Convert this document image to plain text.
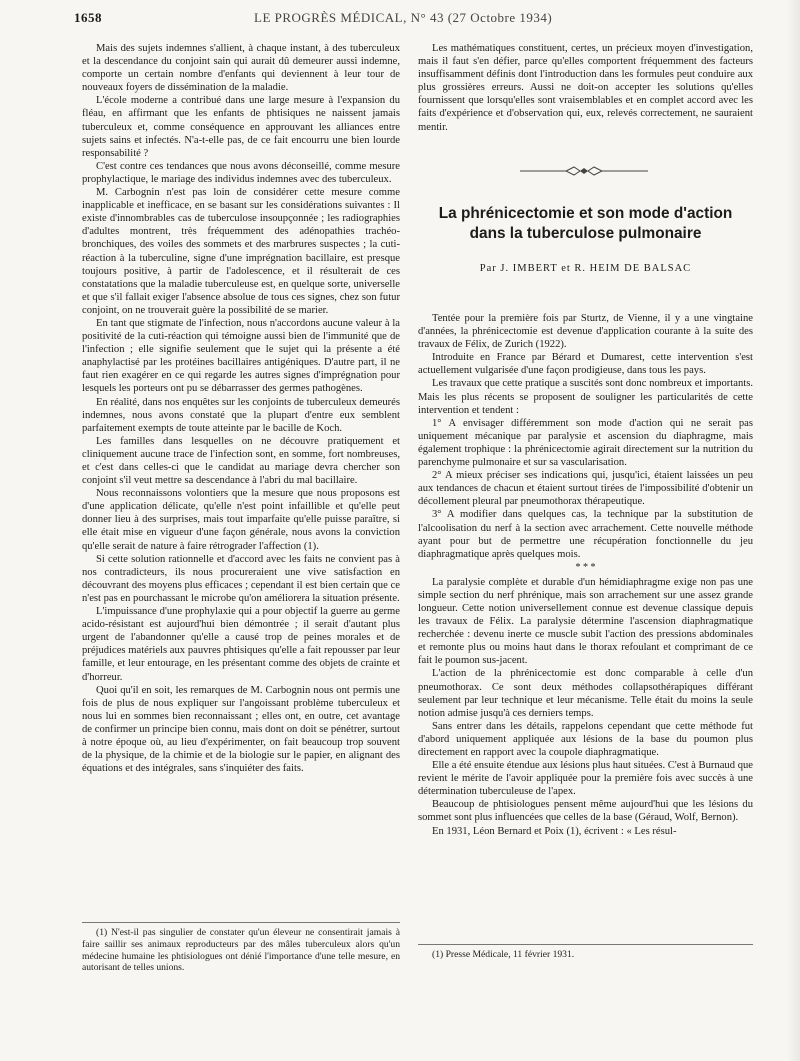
1658	LE PROGRÈS MÉDICAL, N° 43 (27 Octobre 1934)

Mais des sujets indemnes s'allient, à chaque instant, à des tuberculeux et la descendance du conjoint sain qui aurait dû demeurer aussi indemne, comporte un certain nombre d'enfants qui deviennent à leur tour de nouveaux foyers de dissémination de la maladie.

L'école moderne a contribué dans une large mesure à l'expansion du fléau, en affirmant que les enfants de phtisiques ne naissent jamais tuberculeux et, comme conséquence en approuvant les alliances entre sujets sains et infectés. N'a-t-elle pas, de ce fait encourru une bien lourde responsabilité ?

C'est contre ces tendances que nous avons déconseillé, comme mesure prophylactique, le mariage des individus indemnes avec des tuberculeux.

M. Carbognin n'est pas loin de considérer cette mesure comme inapplicable et inefficace, en se basant sur les considérations suivantes : Il existe d'innombrables cas de tuberculose insoupçonnée ; les radiographies d'adultes montrent, très fréquemment des adénopathies trachéo-bronchiques, des voiles des sommets et des marbrures suspectes ; la cuti-réaction à la tuberculine, signe d'une imprégnation bacillaire, est presque toujours positive, à partir de l'adolescence, et il résulterait de ces constatations que la maladie tuberculeuse est, en quelque sorte, universelle et que s'il fallait exiger l'absence absolue de tous ces signes, chez son futur conjoint, on ne trouverait guère la possibilité de se marier.

En tant que stigmate de l'infection, nous n'accordons aucune valeur à la positivité de la cuti-réaction qui témoigne aussi bien de l'immunité que de l'infection ; elle signifie seulement que le sujet qui la présente a été anaphylactisé par les protéines bacillaires antigéniques. D'autre part, il ne faut rien exagérer en ce qui regarde les autres signes d'imprégnation pour lesquels les porteurs ont pu se débarrasser des germes pathogènes.

En réalité, dans nos enquêtes sur les conjoints de tuberculeux demeurés indemnes, nous avons constaté que la plupart d'entre eux semblent parfaitement exempts de toute atteinte par le bacille de Koch.

Les familles dans lesquelles on ne découvre pratiquement et cliniquement aucune trace de l'infection sont, en somme, fort nombreuses, et c'est dans celles-ci que le candidat au mariage devra chercher son conjoint s'il veut mettre sa descendance à l'abri du mal bacillaire.

Nous reconnaissons volontiers que la mesure que nous proposons est d'une application délicate, qu'elle n'est point infaillible et qu'elle peut donner lieu à des surprises, mais tout imparfaite qu'elle puisse paraître, si elle était mise en vigueur d'une façon générale, nous avons la conviction qu'elle serait de nature à faire rétrograder l'affection (1).

Si cette solution rationnelle et d'accord avec les faits ne convient pas à nos contradicteurs, ils nous procureraient une vive satisfaction en découvrant des moyens plus efficaces ; cependant il est bien certain que ce n'est pas en pourchassant le microbe qu'on améliorera la situation présente.

L'impuissance d'une prophylaxie qui a pour objectif la guerre au germe acido-résistant est aujourd'hui bien démontrée ; il serait d'autant plus urgent de l'abandonner qu'elle a causé trop de peines morales et de préjudices matériels aux pauvres phtisiques qu'elle a fait repousser par leur famille, et leur entourage, en les présentant comme des objets de crainte et d'horreur.

Quoi qu'il en soit, les remarques de M. Carbognin nous ont permis une fois de plus de nous expliquer sur l'angoissant problème tuberculeux et nous lui en sommes bien reconnaissant ; elles ont, en outre, cet avantage de confirmer un principe bien connu, mais dont on doit se pénétrer, surtout à notre époque où, au lieu d'expérimenter, on fait beaucoup trop souvent de la physique, de la chimie et de la biologie sur le papier, en alignant des équations et des intégrales, sans s'inquiéter des faits.

(1) N'est-il pas singulier de constater qu'un éleveur ne consentirait jamais à faire saillir ses animaux reproducteurs par des mâles tuberculeux alors qu'un médecine humaine les phtisiologues ont dénié l'importance d'une telle mesure, en autorisant de telles unions.

Les mathématiques constituent, certes, un précieux moyen d'investigation, mais il faut s'en défier, parce qu'elles comportent fréquemment des facteurs insuffisamment définis dont l'introduction dans les formules peut conduire aux plus grossières erreurs. Aussi ne doit-on accepter les solutions qu'elles fournissent que lorsqu'elles sont vraisemblables et en complet accord avec les faits d'expérience et d'observation qui, eux, relevés correctement, ne sauraient mentir.

La phrénicectomie et son mode d'action
dans la tuberculose pulmonaire
Par J. IMBERT et R. HEIM DE BALSAC

Tentée pour la première fois par Sturtz, de Vienne, il y a une vingtaine d'années, la phrénicectomie est devenue d'application courante à la suite des travaux de Félix, de Zurich (1922).

Introduite en France par Bérard et Dumarest, cette intervention s'est actuellement vulgarisée d'une façon prodigieuse, dans tous les pays.

Les travaux que cette pratique a suscités sont donc nombreux et importants. Mais les plus récents se proposent de souligner les particularités de cette intervention et tendent :

1° A envisager différemment son mode d'action qui ne serait pas uniquement mécanique par paralysie et ascension du diaphragme, mais également trophique : la phrénicectomie agirait directement sur la nutrition du parenchyme pulmonaire et sur sa vascularisation.

2° A mieux préciser ses indications qui, jusqu'ici, étaient laissées un peu aux tendances de chacun et étaient surtout tirées de l'impossibilité d'obtenir un décollement pleural par pneumothorax thérapeutique.

3° A modifier dans quelques cas, la technique par la substitution de l'alcoolisation du nerf à la section avec arrachement. Cette nouvelle méthode ayant pour but de permettre une récupération fonctionnelle du jeu diaphragmatique après quelques mois.

* * *

La paralysie complète et durable d'un hémidiaphragme exige non pas une simple section du nerf phrénique, mais son arrachement sur une assez grande longueur. Cette notion universellement connue est devenue classique depuis les travaux de Félix. La paralysie détermine l'ascension diaphragmatique recherchée : devenu inerte ce muscle subit l'action des pressions abdominales et remonte plus ou moins haut dans le thorax refoulant et comprimant de ce fait le poumon sus-jacent.

L'action de la phrénicectomie est donc comparable à celle d'un pneumothorax. Ce sont deux méthodes collapsothérapiques différant seulement par leur technique et leur mécanisme. Telle était du moins la seule notion admise jusqu'à ces derniers temps.

Sans entrer dans les détails, rappelons cependant que cette méthode fut d'abord uniquement appliquée aux lésions de la base du poumon plus directement en rapport avec la coupole diaphragmatique.

Elle a été ensuite étendue aux lésions plus haut situées. C'est à Burnaud que revient le mérite de l'avoir appliquée pour la première fois avec succès à une détermination tuberculeuse de l'apex.

Beaucoup de phtisiologues pensent même aujourd'hui que les lésions du sommet sont plus influencées que celles de la base (Géraud, Wolf, Bernon).

En 1931, Léon Bernard et Poix (1), écrivent : « Les résul-

(1) Presse Médicale, 11 février 1931.
